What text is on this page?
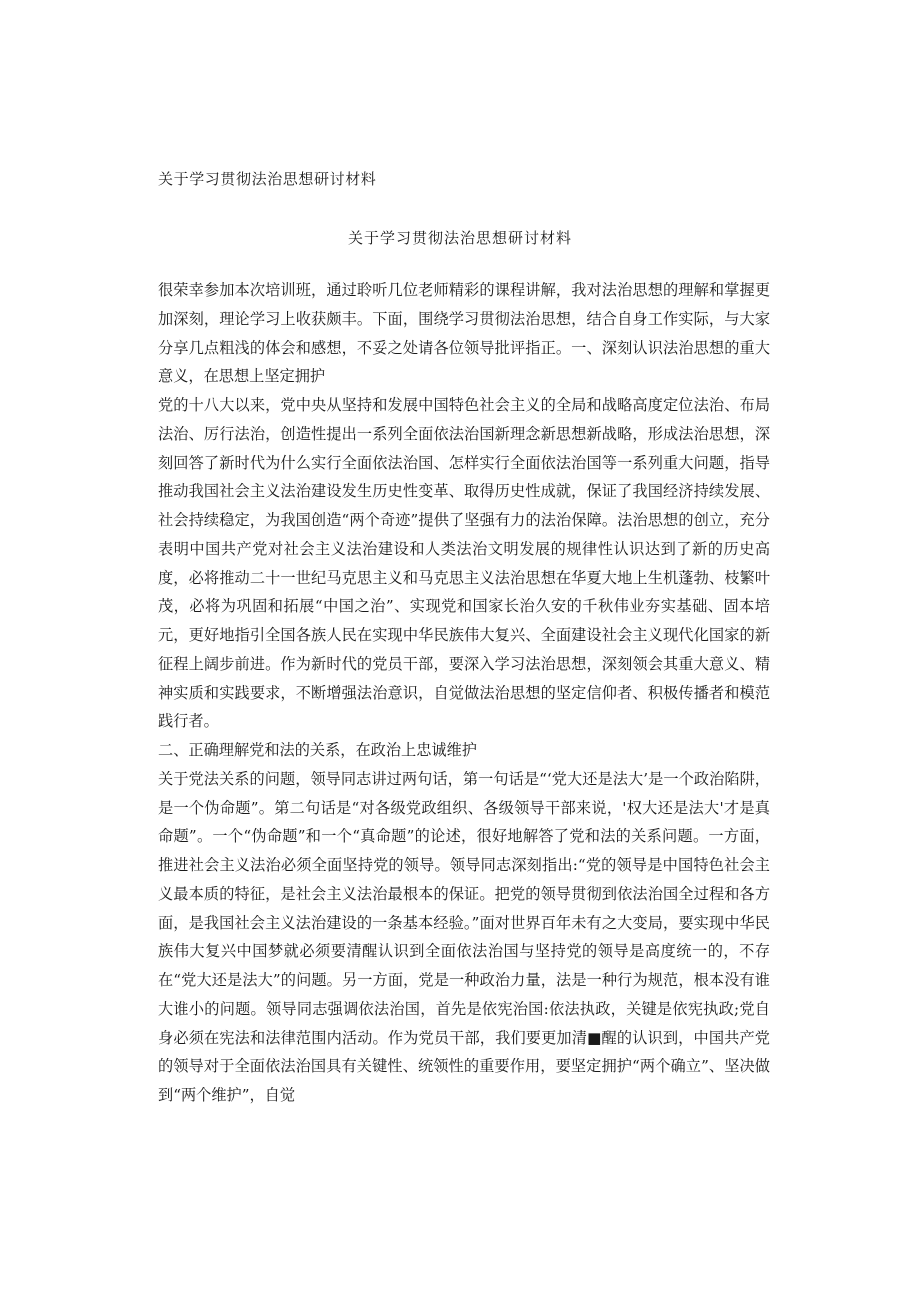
关于学习贯彻法治思想研讨材料
关于学习贯彻法治思想研讨材料

很荣幸参加本次培训班，通过聆听几位老师精彩的课程讲解，我对法治思想的理解和掌握更加深刻，理论学习上收获颇丰。下面，围绕学习贯彻法治思想，结合自身工作实际，与大家分享几点粗浅的体会和感想，不妥之处请各位领导批评指正。一、深刻认识法治思想的重大意义，在思想上坚定拥护

党的十八大以来，党中央从坚持和发展中国特色社会主义的全局和战略高度定位法治、布局法治、厉行法治，创造性提出一系列全面依法治国新理念新思想新战略，形成法治思想，深刻回答了新时代为什么实行全面依法治国、怎样实行全面依法治国等一系列重大问题，指导推动我国社会主义法治建设发生历史性变革、取得历史性成就，保证了我国经济持续发展、社会持续稳定，为我国创造“两个奇迹”提供了坚强有力的法治保障。法治思想的创立，充分表明中国共产党对社会主义法治建设和人类法治文明发展的规律性认识达到了新的历史高度，必将推动二十一世纪马克思主义和马克思主义法治思想在华夏大地上生机蓬勃、枝繁叶茂，必将为巩固和拓展“中国之治”、实现党和国家长治久安的千秋伟业夯实基础、固本培元，更好地指引全国各族人民在实现中华民族伟大复兴、全面建设社会主义现代化国家的新征程上阔步前进。作为新时代的党员干部，要深入学习法治思想，深刻领会其重大意义、精神实质和实践要求，不断增强法治意识，自觉做法治思想的坚定信仰者、积极传播者和模范践行者。

二、正确理解党和法的关系，在政治上忠诚维护

关于党法关系的问题，领导同志讲过两句话，第一句话是“‘党大还是法大’是一个政治陷阱，是一个伪命题”。第二句话是“对各级党政组织、各级领导干部来说，'权大还是法大'才是真命题”。一个“伪命题”和一个“真命题”的论述，很好地解答了党和法的关系问题。一方面，推进社会主义法治必须全面坚持党的领导。领导同志深刻指出:“党的领导是中国特色社会主义最本质的特征，是社会主义法治最根本的保证。把党的领导贯彻到依法治国全过程和各方面，是我国社会主义法治建设的一条基本经验。”面对世界百年未有之大变局，要实现中华民族伟大复兴中国梦就必须要清醒认识到全面依法治国与坚持党的领导是高度统一的，不存在“党大还是法大”的问题。另一方面，党是一种政治力量，法是一种行为规范，根本没有谁大谁小的问题。领导同志强调依法治国，首先是依宪治国:依法执政，关键是依宪执政;党自身必须在宪法和法律范围内活动。作为党员干部，我们要更加清■醒的认识到，中国共产党的领导对于全面依法治国具有关键性、统领性的重要作用，要坚定拥护“两个确立”、坚决做到“两个维护”，自觉
